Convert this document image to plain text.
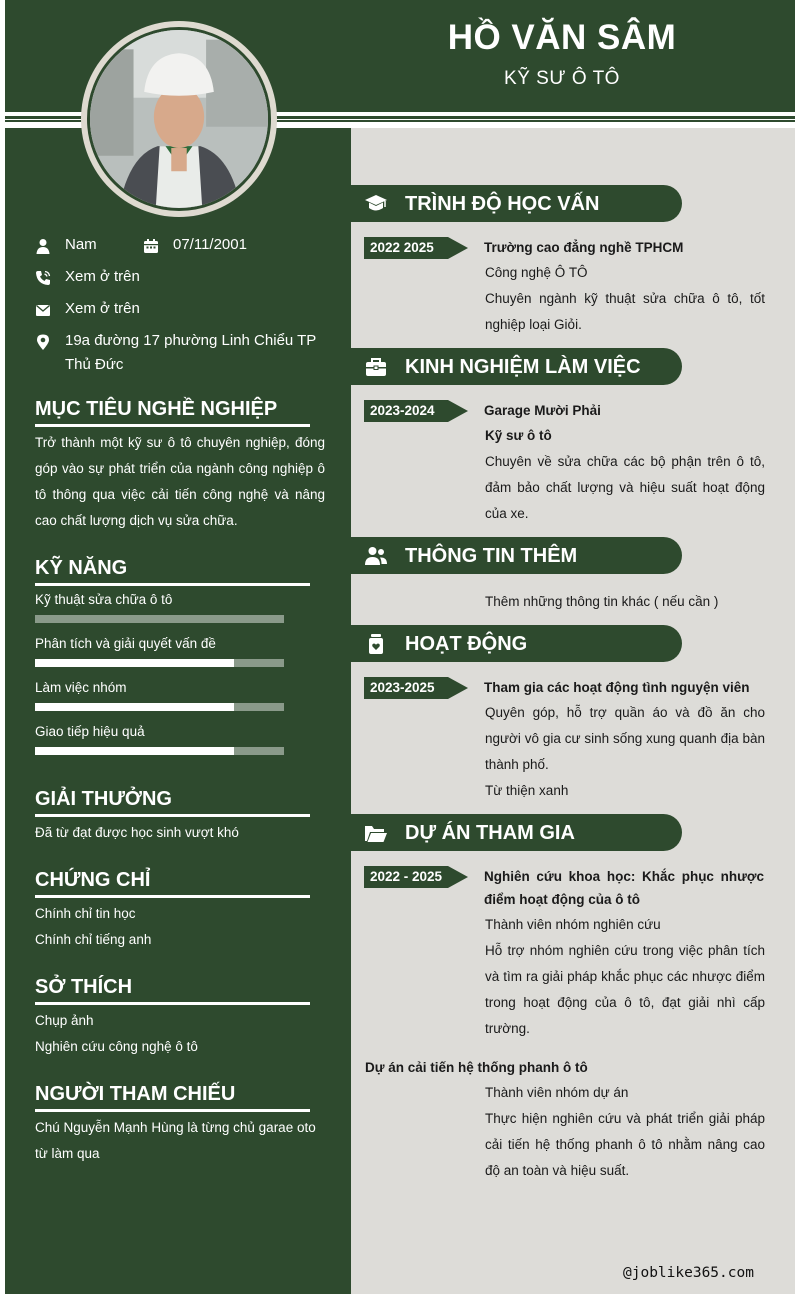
HỒ VĂN SÂM
KỸ SƯ Ô TÔ
Nam	07/11/2001
Xem ở trên
Xem ở trên
19a đường 17 phường Linh Chiểu TP Thủ Đức
MỤC TIÊU NGHỀ NGHIỆP
Trở thành một kỹ sư ô tô chuyên nghiệp, đóng góp vào sự phát triển của ngành công nghiệp ô tô thông qua việc cải tiến công nghệ và nâng cao chất lượng dịch vụ sửa chữa.
KỸ NĂNG
Kỹ thuật sửa chữa ô tô
Phân tích và giải quyết vấn đề
Làm việc nhóm
Giao tiếp hiệu quả
GIẢI THƯỞNG
Đã từ đạt được học sinh vượt khó
CHỨNG CHỈ
Chính chỉ tin học
Chính chỉ tiếng anh
SỞ THÍCH
Chụp ảnh
Nghiên cứu công nghệ ô tô
NGƯỜI THAM CHIẾU
Chú Nguyễn Mạnh Hùng là từng chủ garae oto từ làm qua
TRÌNH ĐỘ HỌC VẤN
2022 2025	Trường cao đẳng nghề TPHCM
Công nghệ Ô TÔ
Chuyên ngành kỹ thuật sửa chữa ô tô, tốt nghiệp loại Giỏi.
KINH NGHIỆM LÀM VIỆC
2023-2024	Garage Mười Phải
Kỹ sư ô tô
Chuyên về sửa chữa các bộ phận trên ô tô, đảm bảo chất lượng và hiệu suất hoạt động của xe.
THÔNG TIN THÊM
Thêm những thông tin khác ( nếu cần )
HOẠT ĐỘNG
2023-2025	Tham gia các hoạt động tình nguyện viên
Quyên góp, hỗ trợ quần áo và đồ ăn cho người vô gia cư sinh sống xung quanh địa bàn thành phố.
Từ thiện xanh
DỰ ÁN THAM GIA
2022 - 2025	Nghiên cứu khoa học: Khắc phục nhược điểm hoạt động của ô tô
Thành viên nhóm nghiên cứu
Hỗ trợ nhóm nghiên cứu trong việc phân tích và tìm ra giải pháp khắc phục các nhược điểm trong hoạt động của ô tô, đạt giải nhì cấp trường.
Dự án cải tiến hệ thống phanh ô tô
Thành viên nhóm dự án
Thực hiện nghiên cứu và phát triển giải pháp cải tiến hệ thống phanh ô tô nhằm nâng cao độ an toàn và hiệu suất.
@joblike365.com
